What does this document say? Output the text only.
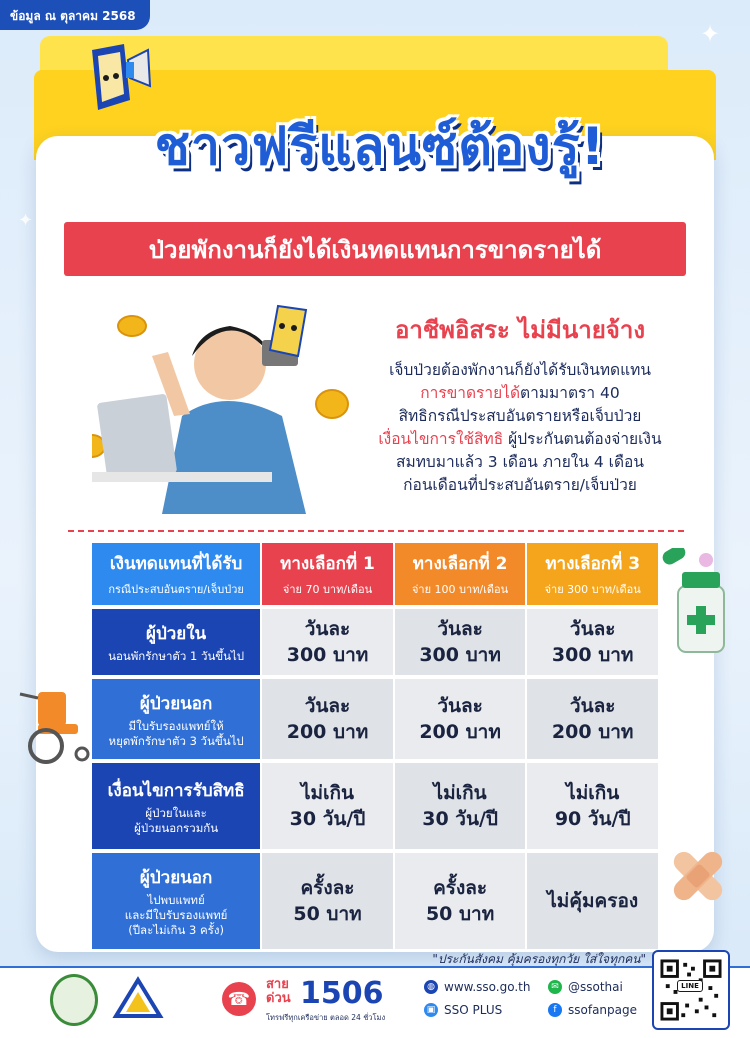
ข้อมูล ณ ตุลาคม 2568
✦
✦
ชาวฟรีแลนซ์ต้องรู้!
ป่วยพักงานก็ยังได้เงินทดแทนการขาดรายได้
อาชีพอิสระ ไม่มีนายจ้าง
เจ็บป่วยต้องพักงานก็ยังได้รับเงินทดแทน
การขาดรายได้ตามมาตรา 40
สิทธิกรณีประสบอันตรายหรือเจ็บป่วย
เงื่อนไขการใช้สิทธิ ผู้ประกันตนต้องจ่ายเงิน
สมทบมาแล้ว 3 เดือน ภายใน 4 เดือน
ก่อนเดือนที่ประสบอันตราย/เจ็บป่วย
เงินทดแทนที่ได้รับ
กรณีประสบอันตราย/เจ็บป่วย
ทางเลือกที่ 1
จ่าย 70 บาท/เดือน
ทางเลือกที่ 2
จ่าย 100 บาท/เดือน
ทางเลือกที่ 3
จ่าย 300 บาท/เดือน
ผู้ป่วยใน
นอนพักรักษาตัว 1 วันขึ้นไป
วันละ
300 บาท
วันละ
300 บาท
วันละ
300 บาท
ผู้ป่วยนอก
มีใบรับรองแพทย์ให้
หยุดพักรักษาตัว 3 วันขึ้นไป
วันละ
200 บาท
วันละ
200 บาท
วันละ
200 บาท
เงื่อนไขการรับสิทธิ
ผู้ป่วยในและ
ผู้ป่วยนอกรวมกัน
ไม่เกิน
30 วัน/ปี
ไม่เกิน
30 วัน/ปี
ไม่เกิน
90 วัน/ปี
ผู้ป่วยนอก
ไปพบแพทย์
และมีใบรับรองแพทย์
(ปีละไม่เกิน 3 ครั้ง)
ครั้งละ
50 บาท
ครั้งละ
50 บาท
ไม่คุ้มครอง
"ประกันสังคม คุ้มครองทุกวัย ใส่ใจทุกคน"
☎
สาย
ด่วน 1506
โทรฟรีทุกเครือข่าย ตลอด 24 ชั่วโมง
◍ www.sso.go.th	✉ @ssothai
▣ SSO PLUS	f ssofanpage
LINE
